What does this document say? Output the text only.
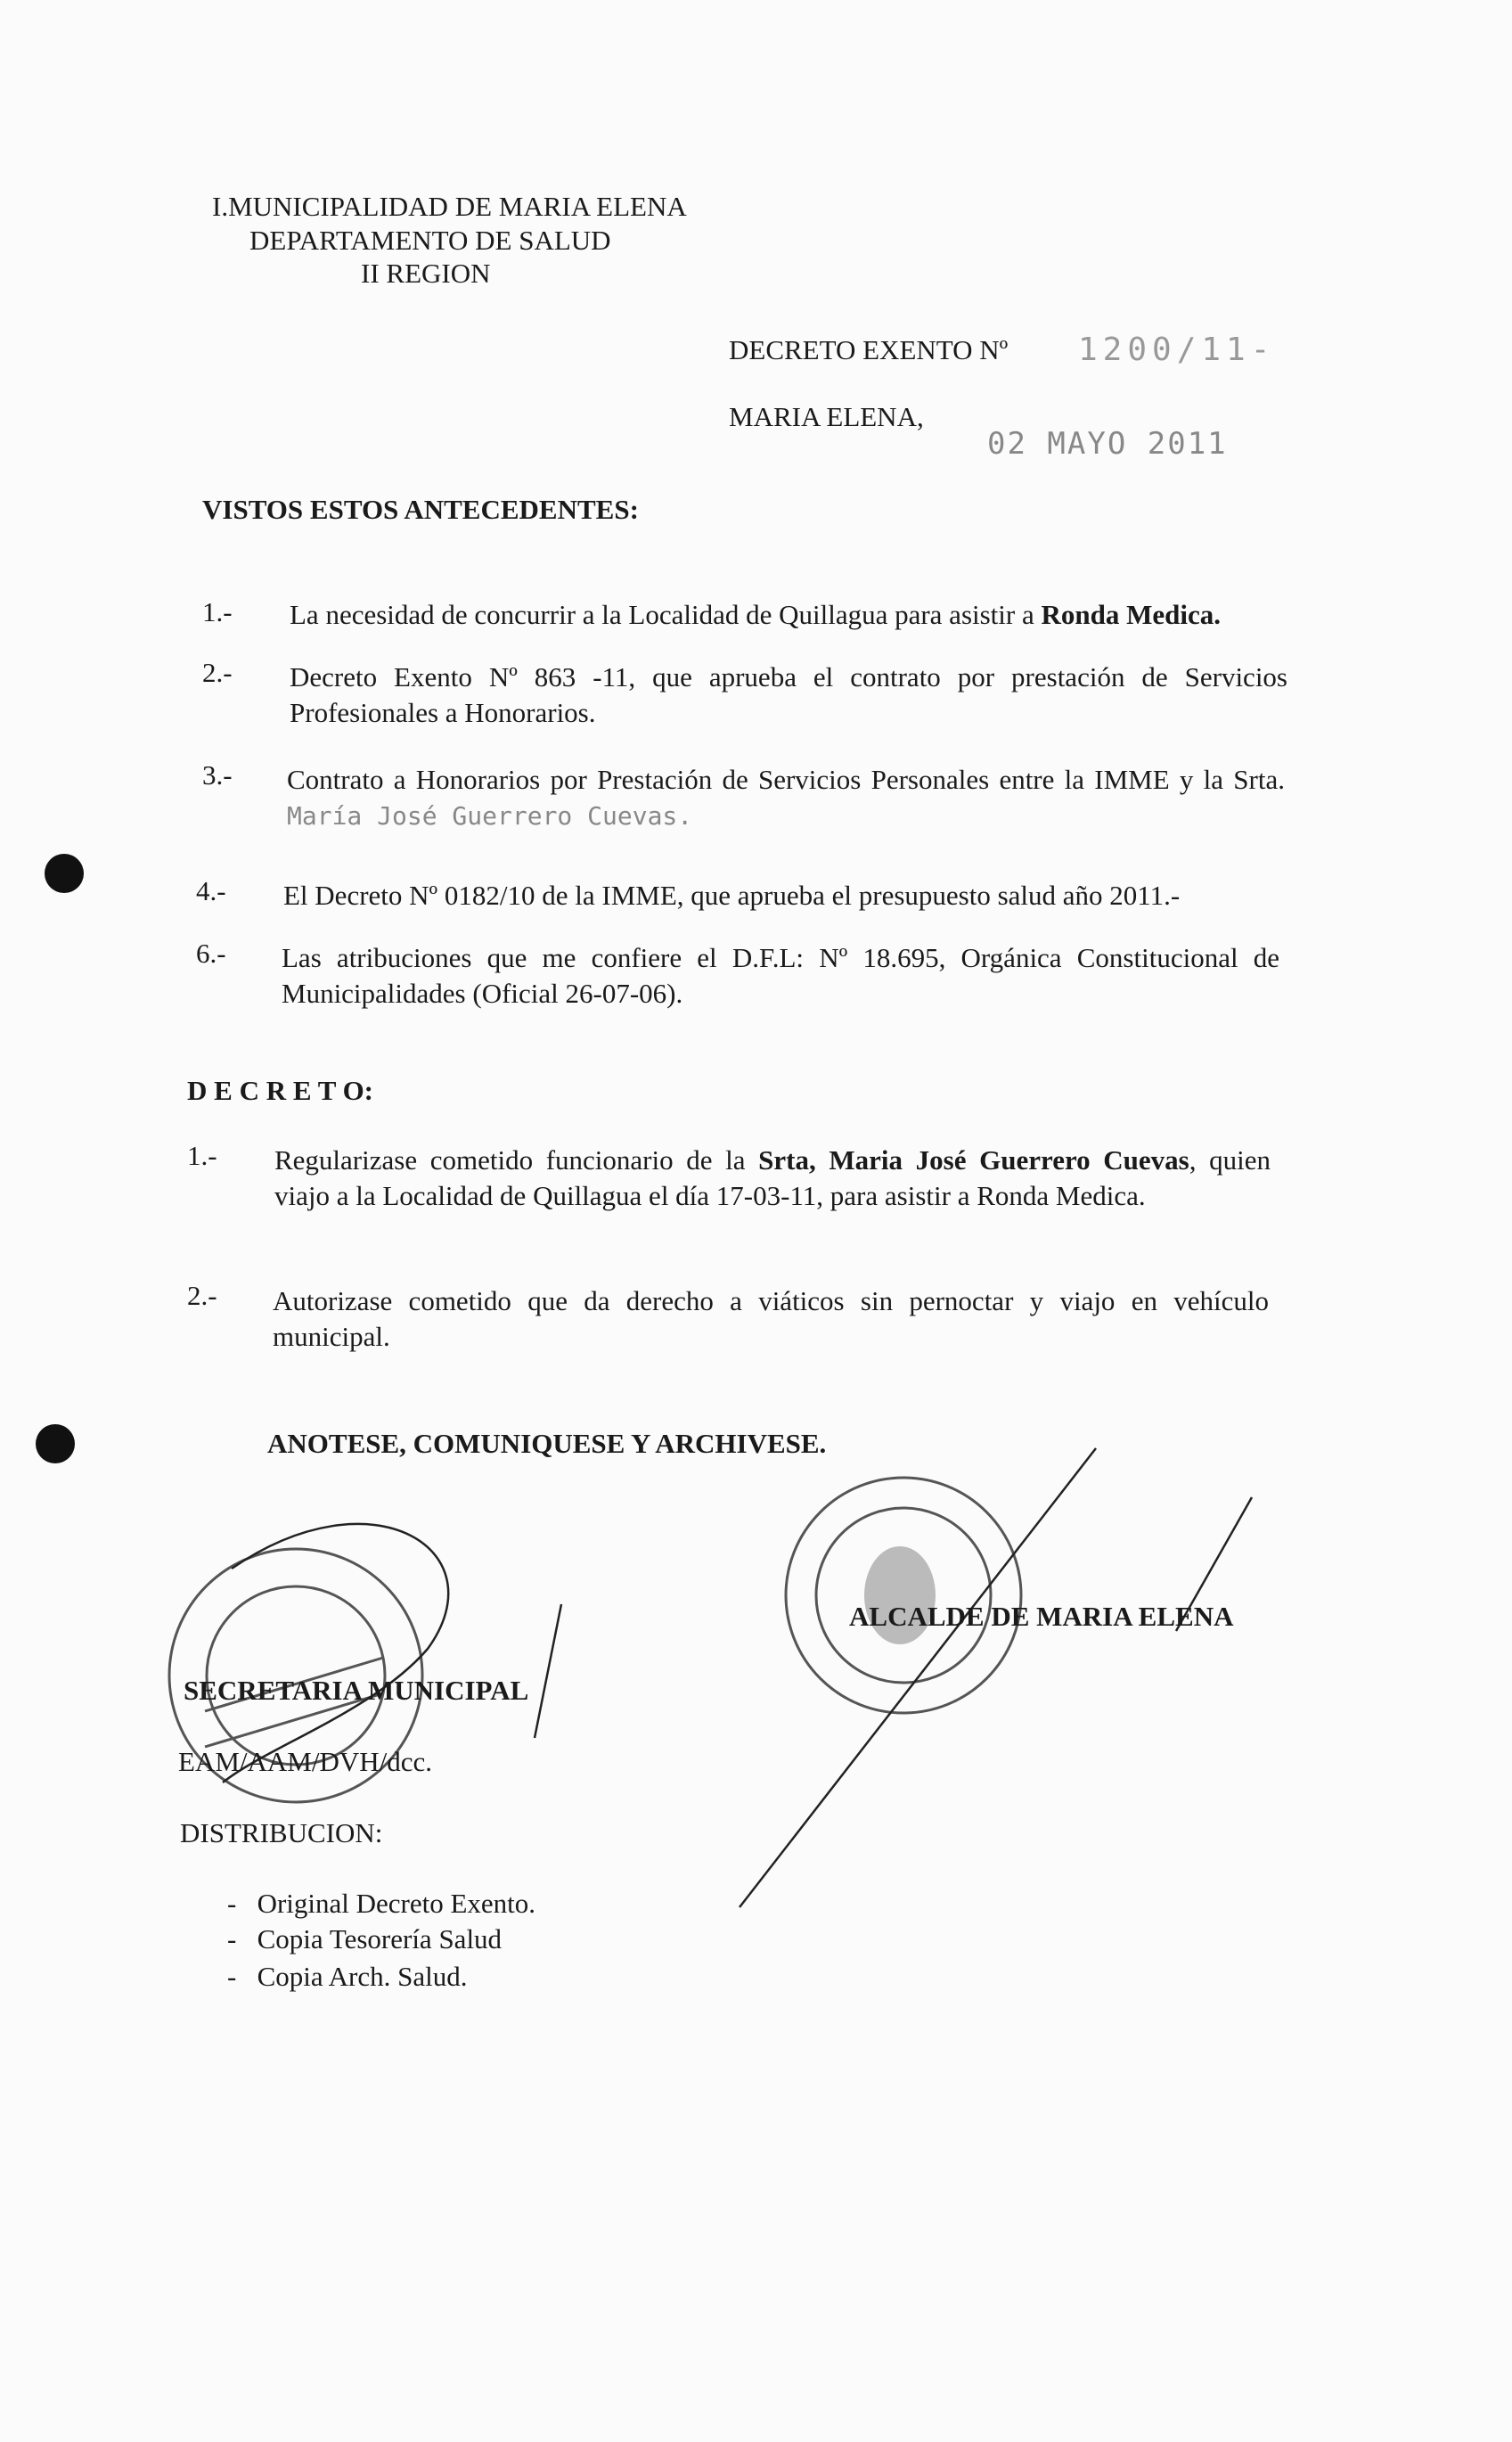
I.MUNICIPALIDAD DE MARIA ELENA
DEPARTAMENTO DE SALUD
II REGION
DECRETO EXENTO Nº 1200/11-
MARIA ELENA,
02 MAYO 2011
VISTOS ESTOS ANTECEDENTES:
1.- La necesidad de concurrir a la Localidad de Quillagua para asistir a Ronda Medica.
2.- Decreto Exento Nº 863 -11, que aprueba el contrato por prestación de Servicios Profesionales a Honorarios.
3.- Contrato a Honorarios por Prestación de Servicios Personales entre la IMME y la Srta. María José Guerrero Cuevas.
4.- El Decreto Nº 0182/10 de la IMME, que aprueba el presupuesto salud año 2011.-
6.- Las atribuciones que me confiere el D.F.L: Nº 18.695, Orgánica Constitucional de Municipalidades (Oficial 26-07-06).
D E C R E T O:
1.- Regularizase cometido funcionario de la Srta, Maria José Guerrero Cuevas, quien viajo a la Localidad de Quillagua el día 17-03-11, para asistir a Ronda Medica.
2.- Autorizase cometido que da derecho a viáticos sin pernoctar y viajo en vehículo municipal.
ANOTESE, COMUNIQUESE Y ARCHIVESE.
ALCALDE DE MARIA ELENA
SECRETARIA MUNICIPAL
EAM/AAM/DVH/dcc.
DISTRIBUCION:
-   Original Decreto Exento.
-   Copia Tesorería Salud
-   Copia Arch. Salud.
